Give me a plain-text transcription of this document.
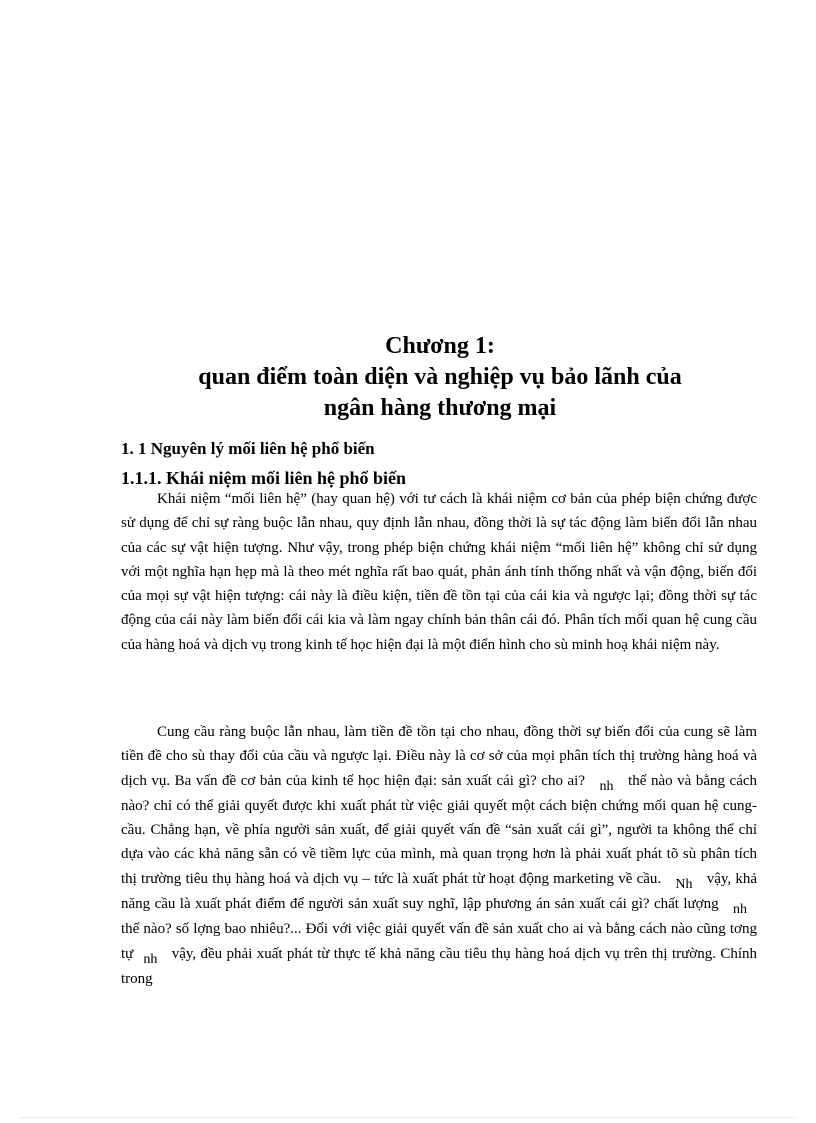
Chương 1:
quan điểm toàn diện và nghiệp vụ bảo lãnh của
ngân hàng thương mại
1. 1 Nguyên lý mối liên hệ phổ biến
1.1.1. Khái niệm mối liên hệ phổ biến

Khái niệm “mối liên hệ” (hay quan hệ) với tư cách là khái niệm cơ bản của phép biện chứng được sử dụng để chỉ sự ràng buộc lẫn nhau, quy định lẫn nhau, đồng thời là sự tác động làm biến đổi lẫn nhau của các sự vật hiện tượng. Như vậy, trong phép biện chứng khái niệm “mối liên hệ” không chỉ sử dụng với một nghĩa hạn hẹp mà là theo mét nghĩa rất bao quát, phản ánh tính thống nhất và vận động, biến đổi của mọi sự vật hiện tượng: cái này là điều kiện, tiền đề tồn tại của cái kia và ngược lại; đồng thời sự tác động của cái này làm biến đổi cái kia và làm ngay chính bản thân cái đó. Phân tích mối quan hệ cung cầu của hàng hoá và dịch vụ trong kinh tế học hiện đại là một điển hình cho sù minh hoạ khái niệm này.

Cung cầu ràng buộc lẫn nhau, làm tiền đề tồn tại cho nhau, đồng thời sự biến đổi của cung sẽ làm tiền đề cho sù thay đổi của cầu và ngược lại. Điều này là cơ sở của mọi phân tích thị trường hàng hoá và dịch vụ. Ba vấn đề cơ bản của kinh tế học hiện đại: sản xuất cái gì? cho ai? nh thế nào và bằng cách nào? chỉ có thể giải quyết được khi xuất phát từ việc giải quyết một cách biện chứng mối quan hệ cung-cầu. Chẳng hạn, về phía người sản xuất, để giải quyết vấn đề “sản xuất cái gì”, người ta không thể chỉ dựa vào các khả năng sẵn có về tiềm lực của mình, mà quan trọng hơn là phải xuất phát tõ sù phân tích thị trường tiêu thụ hàng hoá và dịch vụ – tức là xuất phát từ hoạt động marketing về cầu. Nh vậy, khả năng cầu là xuất phát điểm để người sản xuất suy nghĩ, lập phương án sản xuất cái gì? chất lượng nh thế nào? số lợng bao nhiêu?... Đối với việc giải quyết vấn đề sản xuất cho ai và bằng cách nào cũng tơng tự nh vậy, đều phải xuất phát từ thực tế khả năng cầu tiêu thụ hàng hoá dịch vụ trên thị trường. Chính trong
